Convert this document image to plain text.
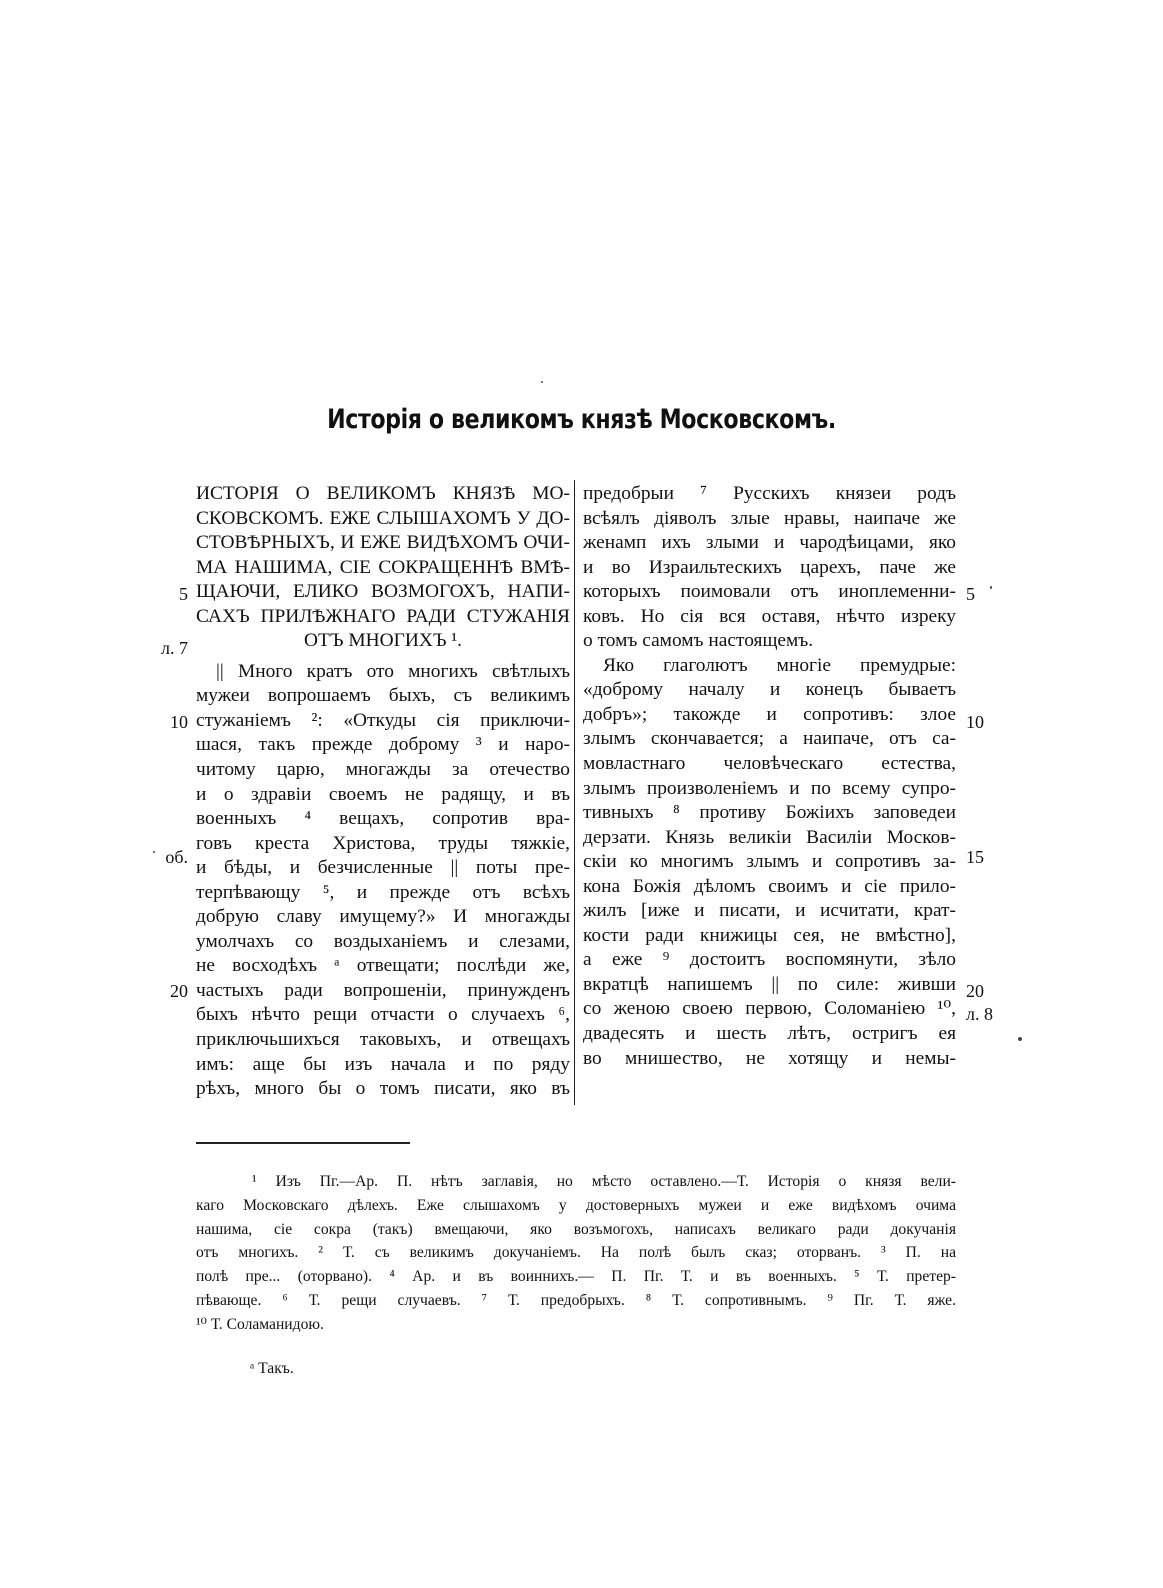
Исторія о великомъ князѣ Московскомъ.
ИСТОРІЯ О ВЕЛИКОМЪ КНЯЗѢ МО-
СКОВСКОМЪ. ЕЖЕ СЛЫШАХОМЪ У ДО-
СТОВѢРНЫХЪ, И ЕЖЕ ВИДѢХОМЪ ОЧИ-
МА НАШИМА, СІЕ СОКРАЩЕННѢ ВМѢ-
ЩАЮЧИ, ЕЛИКО ВОЗМОГОХЪ, НАПИ-
САХЪ ПРИЛѢЖНАГО РАДИ СТУЖАНІЯ
ОТЪ МНОГИХЪ ¹.
|| Много кратъ ото многихъ свѣтлыхъ
мужеи вопрошаемъ быхъ, съ великимъ
стужаніемъ ²: «Откуды сія приключи-
шася, такъ прежде доброму ³ и наро-
читому царю, многажды за отечество
и о здравіи своемъ не радящу, и въ
военныхъ ⁴ вещахъ, сопротив вра-
говъ креста Христова, труды тяжкіе,
и бѣды, и безчисленные || поты пре-
терпѣвающу ⁵, и прежде отъ всѣхъ
добрую славу имущему?» И многажды
умолчахъ со воздыханіемъ и слезами,
не восходѣхъ ᵃ отвещати; послѣди же,
частыхъ ради вопрошеніи, принужденъ
быхъ нѣчто рещи отчасти о случаехъ ⁶,
приключьшихъся таковыхъ, и отвещахъ
имъ: аще бы изъ начала и по ряду
рѣхъ, много бы о томъ писати, яко въ
предобрыи ⁷ Русскихъ князеи родъ
всѣялъ діяволъ злые нравы, наипаче же
женамп ихъ злыми и чародѣицами, яко
и во Израильтескихъ царехъ, паче же
которыхъ поимовали отъ иноплеменни-
ковъ. Но сія вся оставя, нѣчто изреку
о томъ самомъ настоящемъ.
Яко глаголютъ многіе премудрые:
«доброму началу и конецъ бываетъ
добръ»; такожде и сопротивъ: злое
злымъ скончавается; а наипаче, отъ са-
мовластнаго человѣческаго естества,
злымъ произволеніемъ и по всему супро-
тивныхъ ⁸ противу Божіихъ заповедеи
дерзати. Князь великіи Василіи Москов-
скіи ко многимъ злымъ и сопротивъ за-
кона Божія дѣломъ своимъ и сіе прило-
жилъ [иже и писати, и исчитати, крат-
кости ради книжицы сея, не вмѣстно],
а еже ⁹ достоитъ воспомянути, зѣло
вкратцѣ напишемъ || по силе: живши
со женою своею первою, Соломаніею ¹⁰,
двадесять и шесть лѣтъ, остригъ ея
во мнишество, не хотящу и немы-
5
л. 7
10
об.
20
5
10
15
20
л. 8
¹ Изъ Пг.—Ар. П. нѣтъ заглавія, но мѣсто оставлено.—Т. Исторія о князя вели-
каго Московскаго дѣлехъ. Еже слышахомъ у достоверныхъ мужеи и еже видѣхомъ очима
нашима, сіе сокра (такъ) вмещаючи, яко возъмогохъ, написахъ великаго ради докучанія
отъ многихъ. ² Т. съ великимъ докучаніемъ. На полѣ былъ сказ; оторванъ. ³ П. на
полѣ пре... (оторвано). ⁴ Ар. и въ воиннихъ.— П. Пг. Т. и въ военныхъ. ⁵ Т. претер-
пѣвающе. ⁶ Т. рещи случаевъ. ⁷ Т. предобрыхъ. ⁸ Т. сопротивнымъ. ⁹ Пг. Т. яже.
¹⁰ Т. Соламанидою.
ᵃ Такъ.
